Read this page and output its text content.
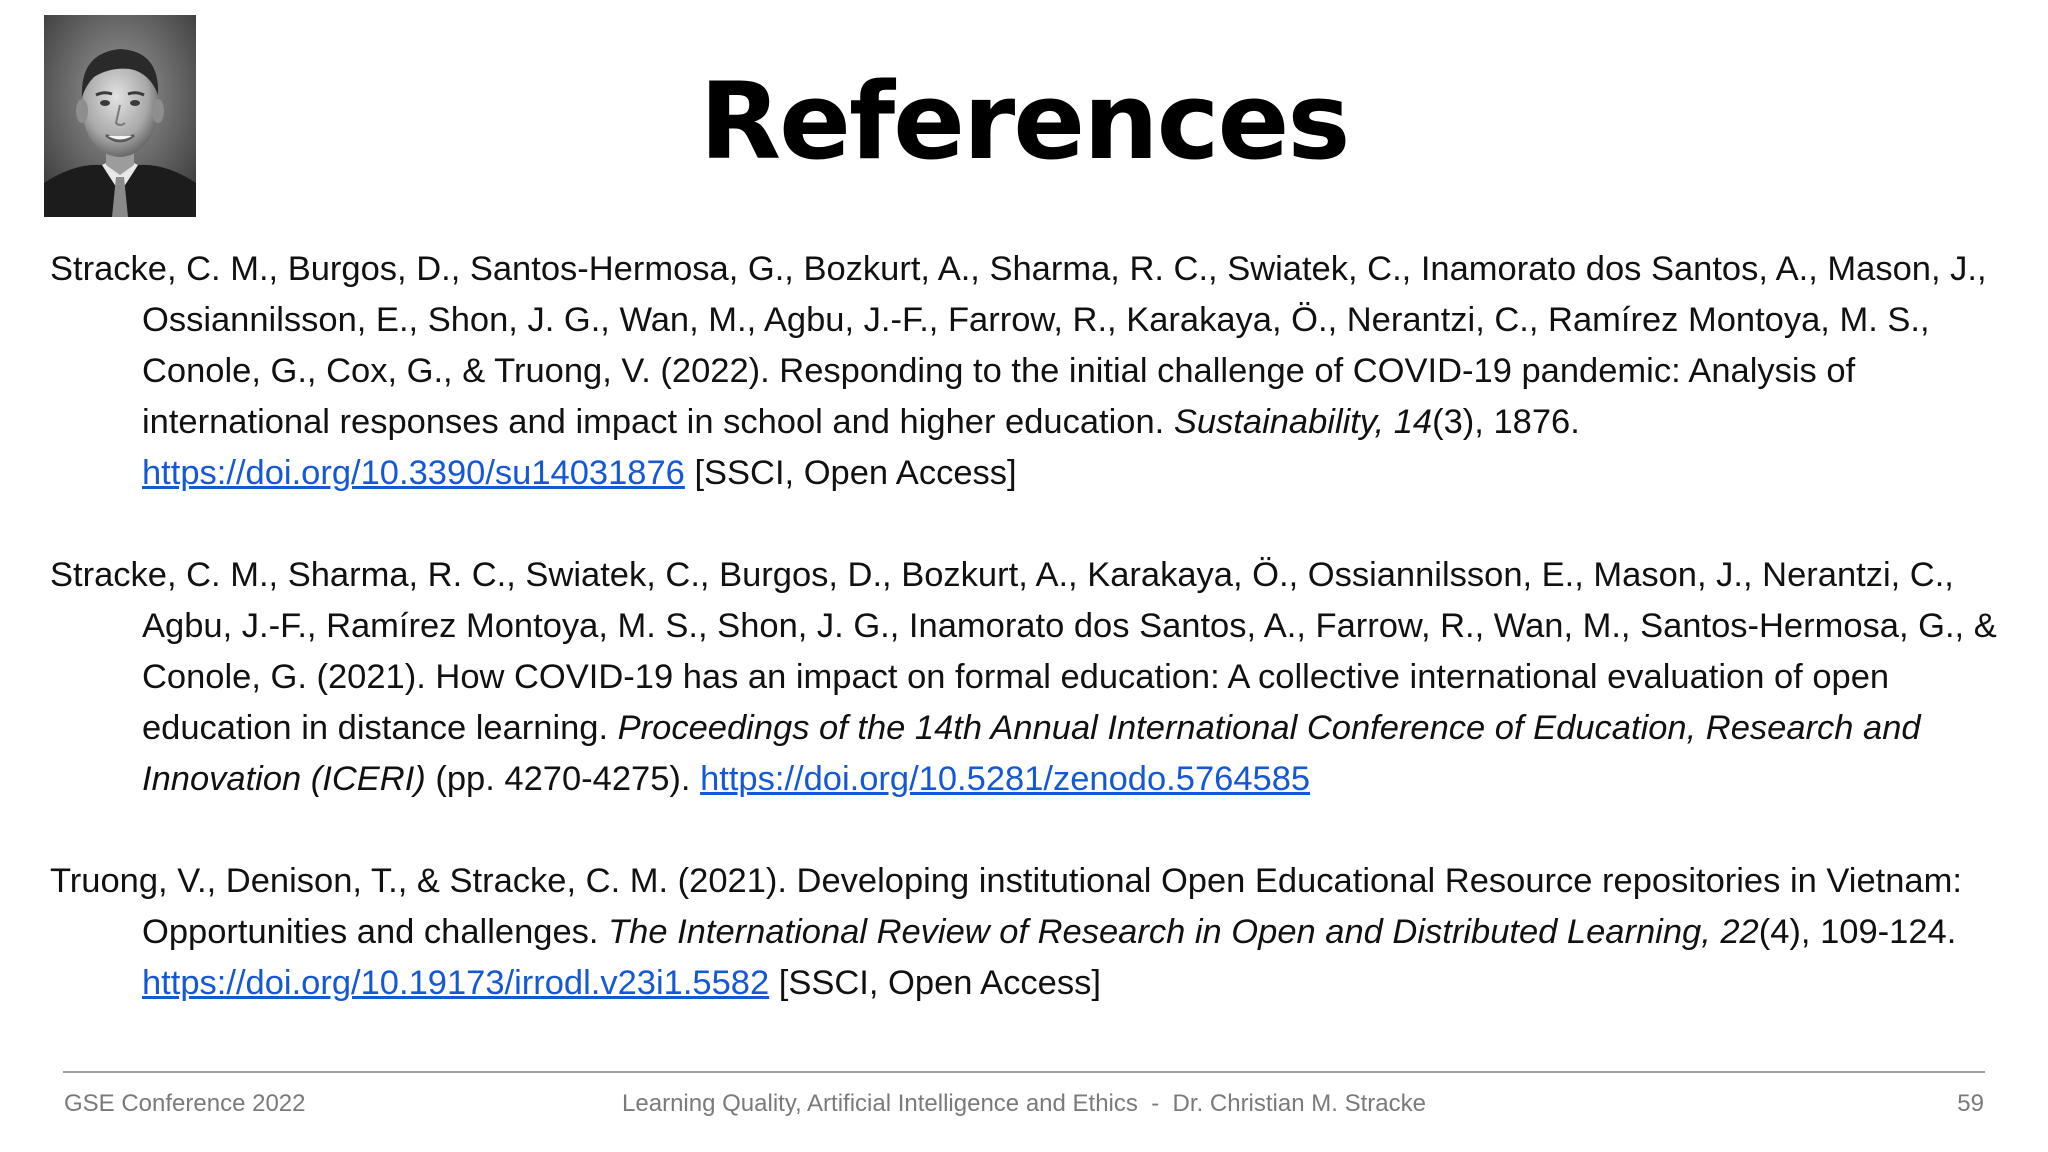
References

Stracke, C. M., Burgos, D., Santos-Hermosa, G., Bozkurt, A., Sharma, R. C., Swiatek, C., Inamorato dos Santos, A., Mason, J., Ossiannilsson, E., Shon, J. G., Wan, M., Agbu, J.-F., Farrow, R., Karakaya, Ö., Nerantzi, C., Ramírez Montoya, M. S., Conole, G., Cox, G., & Truong, V. (2022). Responding to the initial challenge of COVID-19 pandemic: Analysis of international responses and impact in school and higher education. Sustainability, 14(3), 1876. https://doi.org/10.3390/su14031876 [SSCI, Open Access]

Stracke, C. M., Sharma, R. C., Swiatek, C., Burgos, D., Bozkurt, A., Karakaya, Ö., Ossiannilsson, E., Mason, J., Nerantzi, C., Agbu, J.-F., Ramírez Montoya, M. S., Shon, J. G., Inamorato dos Santos, A., Farrow, R., Wan, M., Santos-Hermosa, G., & Conole, G. (2021). How COVID-19 has an impact on formal education: A collective international evaluation of open education in distance learning. Proceedings of the 14th Annual International Conference of Education, Research and Innovation (ICERI) (pp. 4270-4275). https://doi.org/10.5281/zenodo.5764585

Truong, V., Denison, T., & Stracke, C. M. (2021). Developing institutional Open Educational Resource repositories in Vietnam: Opportunities and challenges. The International Review of Research in Open and Distributed Learning, 22(4), 109-124. https://doi.org/10.19173/irrodl.v23i1.5582 [SSCI, Open Access]

GSE Conference 2022	Learning Quality, Artificial Intelligence and Ethics  -  Dr. Christian M. Stracke	59
